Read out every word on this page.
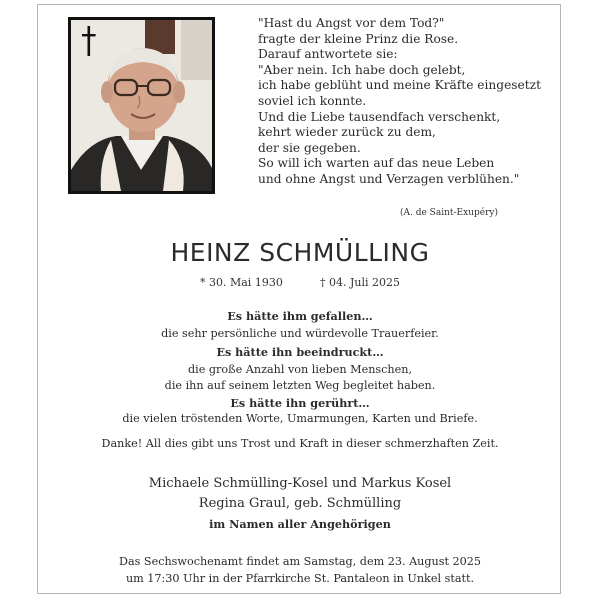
"Hast du Angst vor dem Tod?"
fragte der kleine Prinz die Rose.
Darauf antwortete sie:
"Aber nein. Ich habe doch gelebt,
ich habe geblüht und meine Kräfte eingesetzt
soviel ich konnte.
Und die Liebe tausendfach verschenkt,
kehrt wieder zurück zu dem,
der sie gegeben.
So will ich warten auf das neue Leben
und ohne Angst und Verzagen verblühen."
(A. de Saint-Exupéry)
HEINZ SCHMÜLLING
* 30. Mai 1930	† 04. Juli 2025
Es hätte ihm gefallen…
die sehr persönliche und würdevolle Trauerfeier.
Es hätte ihn beeindruckt…
die große Anzahl von lieben Menschen,
die ihn auf seinem letzten Weg begleitet haben.
Es hätte ihn gerührt…
die vielen tröstenden Worte, Umarmungen, Karten und Briefe.
Danke! All dies gibt uns Trost und Kraft in dieser schmerzhaften Zeit.
Michaele Schmülling-Kosel und Markus Kosel
Regina Graul, geb. Schmülling
im Namen aller Angehörigen
Das Sechswochenamt findet am Samstag, dem 23. August 2025
um 17:30 Uhr in der Pfarrkirche St. Pantaleon in Unkel statt.
